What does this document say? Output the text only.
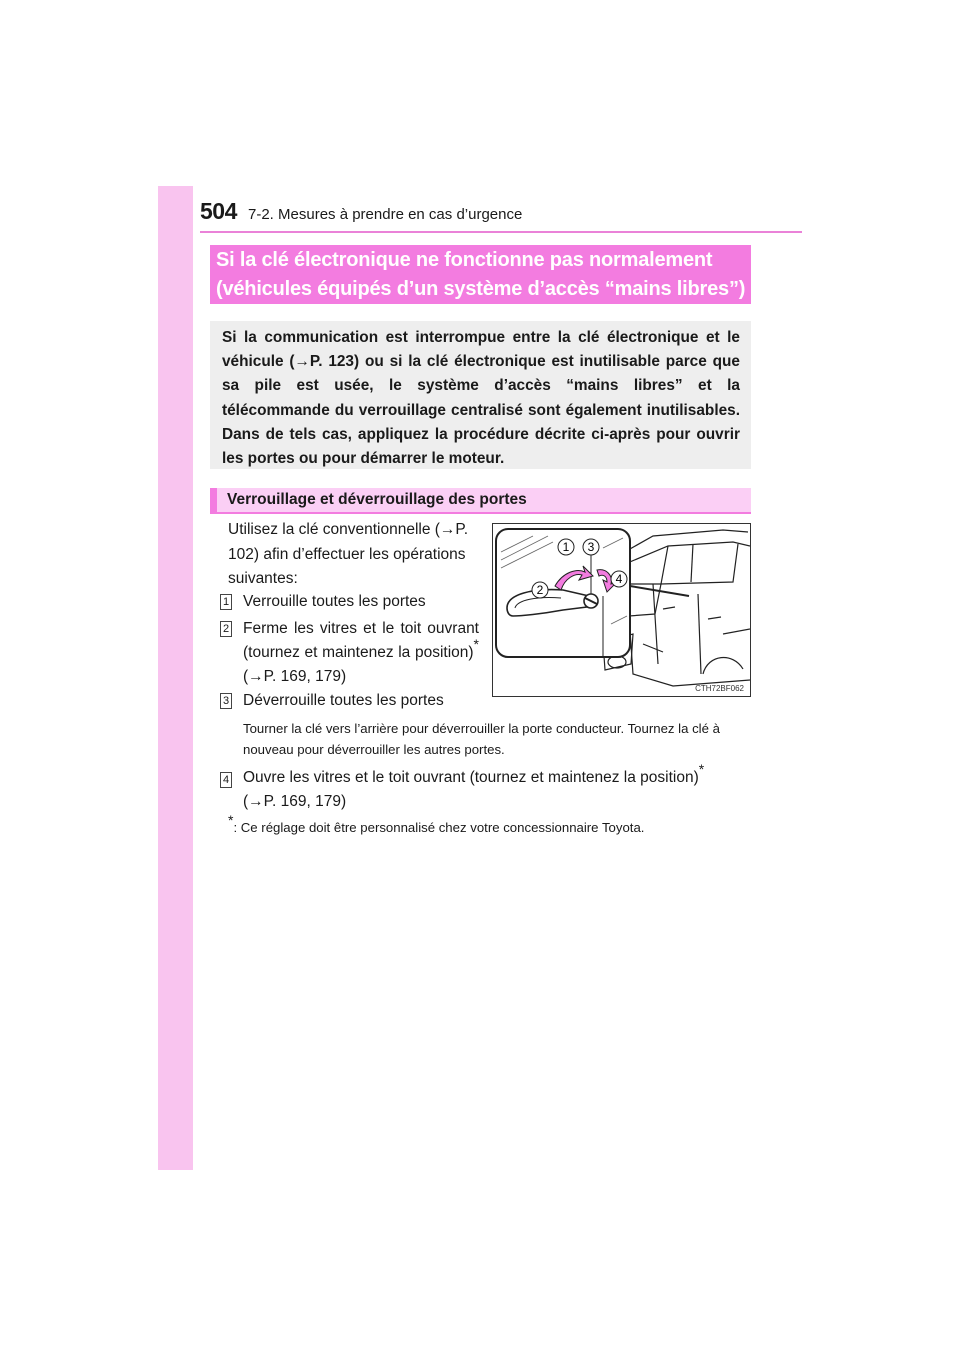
504 7-2. Mesures à prendre en cas d’urgence
Si la clé électronique ne fonctionne pas normalement
(véhicules équipés d’un système d’accès “mains libres”)
Si la communication est interrompue entre la clé électronique et le véhicule (→P. 123) ou si la clé électronique est inutilisable parce que sa pile est usée, le système d’accès “mains libres” et la télécommande du verrouillage centralisé sont également inutilisables. Dans de tels cas, appliquez la procédure décrite ci-après pour ouvrir les portes ou pour démarrer le moteur.
Verrouillage et déverrouillage des portes
Utilisez la clé conventionnelle (→P. 102) afin d’effectuer les opérations suivantes:
1 Verrouille toutes les portes
2 Ferme les vitres et le toit ouvrant (tournez et maintenez la position)* (→P. 169, 179)
3 Déverrouille toutes les portes
Tourner la clé vers l’arrière pour déverrouiller la porte conducteur. Tournez la clé à nouveau pour déverrouiller les autres portes.
4 Ouvre les vitres et le toit ouvrant (tournez et maintenez la position)*
(→P. 169, 179)
*: Ce réglage doit être personnalisé chez votre concessionnaire Toyota.
1 3
2
4
CTH72BF062
